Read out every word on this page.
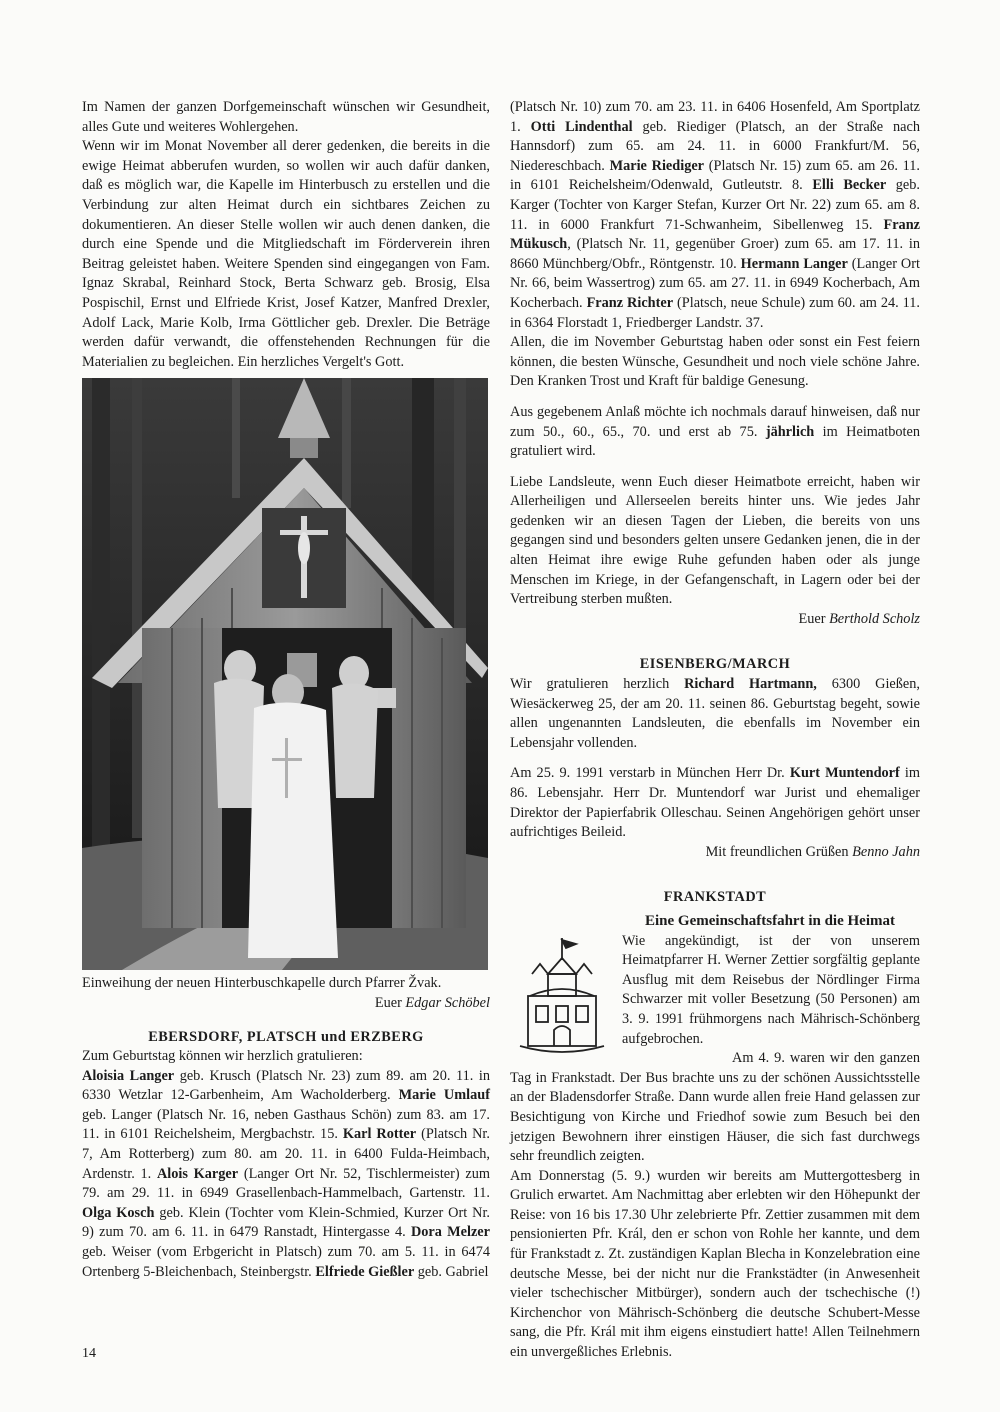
Im Namen der ganzen Dorfgemeinschaft wünschen wir Gesundheit, alles Gute und weiteres Wohlergehen.

Wenn wir im Monat November all derer gedenken, die bereits in die ewige Heimat abberufen wurden, so wollen wir auch dafür danken, daß es möglich war, die Kapelle im Hinterbusch zu erstellen und die Verbindung zur alten Heimat durch ein sichtbares Zeichen zu dokumentieren. An dieser Stelle wollen wir auch denen danken, die durch eine Spende und die Mitgliedschaft im Förderverein ihren Beitrag geleistet haben. Weitere Spenden sind eingegangen von Fam. Ignaz Skrabal, Reinhard Stock, Berta Schwarz geb. Brosig, Elsa Pospischil, Ernst und Elfriede Krist, Josef Katzer, Manfred Drexler, Adolf Lack, Marie Kolb, Irma Göttlicher geb. Drexler. Die Beträge werden dafür verwandt, die offenstehenden Rechnungen für die Materialien zu begleichen. Ein herzliches Vergelt's Gott.

Einweihung der neuen Hinterbuschkapelle durch Pfarrer Žvak.

Euer Edgar Schöbel

EBERSDORF, PLATSCH und ERZBERG

Zum Geburtstag können wir herzlich gratulieren:

Aloisia Langer geb. Krusch (Platsch Nr. 23) zum 89. am 20. 11. in 6330 Wetzlar 12-Garbenheim, Am Wacholderberg. Marie Umlauf geb. Langer (Platsch Nr. 16, neben Gasthaus Schön) zum 83. am 17. 11. in 6101 Reichelsheim, Mergbachstr. 15. Karl Rotter (Platsch Nr. 7, Am Rotterberg) zum 80. am 20. 11. in 6400 Fulda-Heimbach, Ardenstr. 1. Alois Karger (Langer Ort Nr. 52, Tischlermeister) zum 79. am 29. 11. in 6949 Grasellenbach-Hammelbach, Gartenstr. 11. Olga Kosch geb. Klein (Tochter vom Klein-Schmied, Kurzer Ort Nr. 9) zum 70. am 6. 11. in 6479 Ranstadt, Hintergasse 4. Dora Melzer geb. Weiser (vom Erbgericht in Platsch) zum 70. am 5. 11. in 6474 Ortenberg 5-Bleichenbach, Steinbergstr. Elfriede Gießler geb. Gabriel

(Platsch Nr. 10) zum 70. am 23. 11. in 6406 Hosenfeld, Am Sportplatz 1. Otti Lindenthal geb. Riediger (Platsch, an der Straße nach Hannsdorf) zum 65. am 24. 11. in 6000 Frankfurt/M. 56, Niedereschbach. Marie Riediger (Platsch Nr. 15) zum 65. am 26. 11. in 6101 Reichelsheim/Odenwald, Gutleutstr. 8. Elli Becker geb. Karger (Tochter von Karger Stefan, Kurzer Ort Nr. 22) zum 65. am 8. 11. in 6000 Frankfurt 71-Schwanheim, Sibellenweg 15. Franz Mükusch, (Platsch Nr. 11, gegenüber Groer) zum 65. am 17. 11. in 8660 Münchberg/Obfr., Röntgenstr. 10. Hermann Langer (Langer Ort Nr. 66, beim Wassertrog) zum 65. am 27. 11. in 6949 Kocherbach, Am Kocherbach. Franz Richter (Platsch, neue Schule) zum 60. am 24. 11. in 6364 Florstadt 1, Friedberger Landstr. 37.

Allen, die im November Geburtstag haben oder sonst ein Fest feiern können, die besten Wünsche, Gesundheit und noch viele schöne Jahre. Den Kranken Trost und Kraft für baldige Genesung.

Aus gegebenem Anlaß möchte ich nochmals darauf hinweisen, daß nur zum 50., 60., 65., 70. und erst ab 75. jährlich im Heimatboten gratuliert wird.

Liebe Landsleute, wenn Euch dieser Heimatbote erreicht, haben wir Allerheiligen und Allerseelen bereits hinter uns. Wie jedes Jahr gedenken wir an diesen Tagen der Lieben, die bereits von uns gegangen sind und besonders gelten unsere Gedanken jenen, die in der alten Heimat ihre ewige Ruhe gefunden haben oder als junge Menschen im Kriege, in der Gefangenschaft, in Lagern oder bei der Vertreibung sterben mußten.

Euer Berthold Scholz

EISENBERG/MARCH

Wir gratulieren herzlich Richard Hartmann, 6300 Gießen, Wiesäckerweg 25, der am 20. 11. seinen 86. Geburtstag begeht, sowie allen ungenannten Landsleuten, die ebenfalls im November ein Lebensjahr vollenden.

Am 25. 9. 1991 verstarb in München Herr Dr. Kurt Muntendorf im 86. Lebensjahr. Herr Dr. Muntendorf war Jurist und ehemaliger Direktor der Papierfabrik Olleschau. Seinen Angehörigen gehört unser aufrichtiges Beileid.

Mit freundlichen Grüßen Benno Jahn

FRANKSTADT

Eine Gemeinschaftsfahrt in die Heimat

Wie angekündigt, ist der von unserem Heimatpfarrer H. Werner Zettier sorgfältig geplante Ausflug mit dem Reisebus der Nördlinger Firma Schwarzer mit voller Besetzung (50 Personen) am 3. 9. 1991 frühmorgens nach Mährisch-Schönberg aufgebrochen.

Am 4. 9. waren wir den ganzen Tag in Frankstadt. Der Bus brachte uns zu der schönen Aussichtsstelle an der Bladensdorfer Straße. Dann wurde allen freie Hand gelassen zur Besichtigung von Kirche und Friedhof sowie zum Besuch bei den jetzigen Bewohnern ihrer einstigen Häuser, die sich fast durchwegs sehr freundlich zeigten.

Am Donnerstag (5. 9.) wurden wir bereits am Muttergottesberg in Grulich erwartet. Am Nachmittag aber erlebten wir den Höhepunkt der Reise: von 16 bis 17.30 Uhr zelebrierte Pfr. Zettier zusammen mit dem pensionierten Pfr. Král, den er schon von Rohle her kannte, und dem für Frankstadt z. Zt. zuständigen Kaplan Blecha in Konzelebration eine deutsche Messe, bei der nicht nur die Frankstädter (in Anwesenheit vieler tschechischer Mitbürger), sondern auch der tschechische (!) Kirchenchor von Mährisch-Schönberg die deutsche Schubert-Messe sang, die Pfr. Král mit ihm eigens einstudiert hatte! Allen Teilnehmern ein unvergeßliches Erlebnis.

14
